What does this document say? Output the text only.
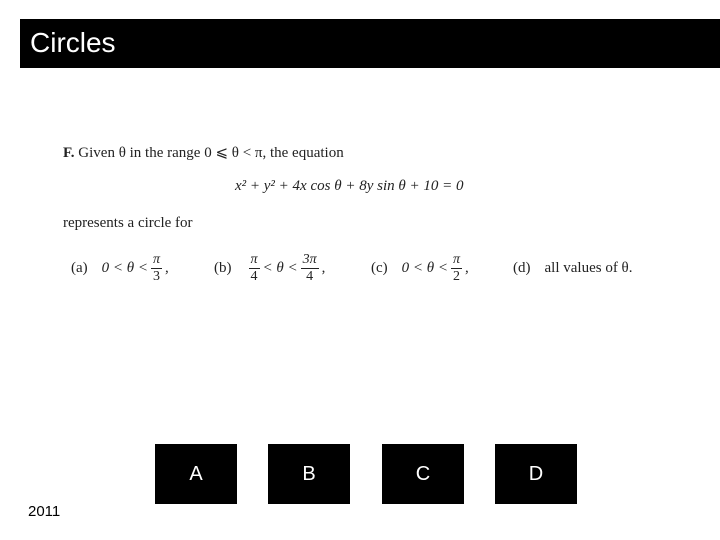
Circles
F. Given θ in the range 0 ⩽ θ < π, the equation
x² + y² + 4x cos θ + 8y sin θ + 10 = 0
represents a circle for
(a) $0 < \theta < \frac{\pi}{3}$ ,	$(b) \frac{\pi}{4} < \theta < \frac{3\pi}{4}$ ,	(c) $0 < \theta < \frac{\pi}{2}$ ,	(d) all values of θ.
A	B	C	D
2011
